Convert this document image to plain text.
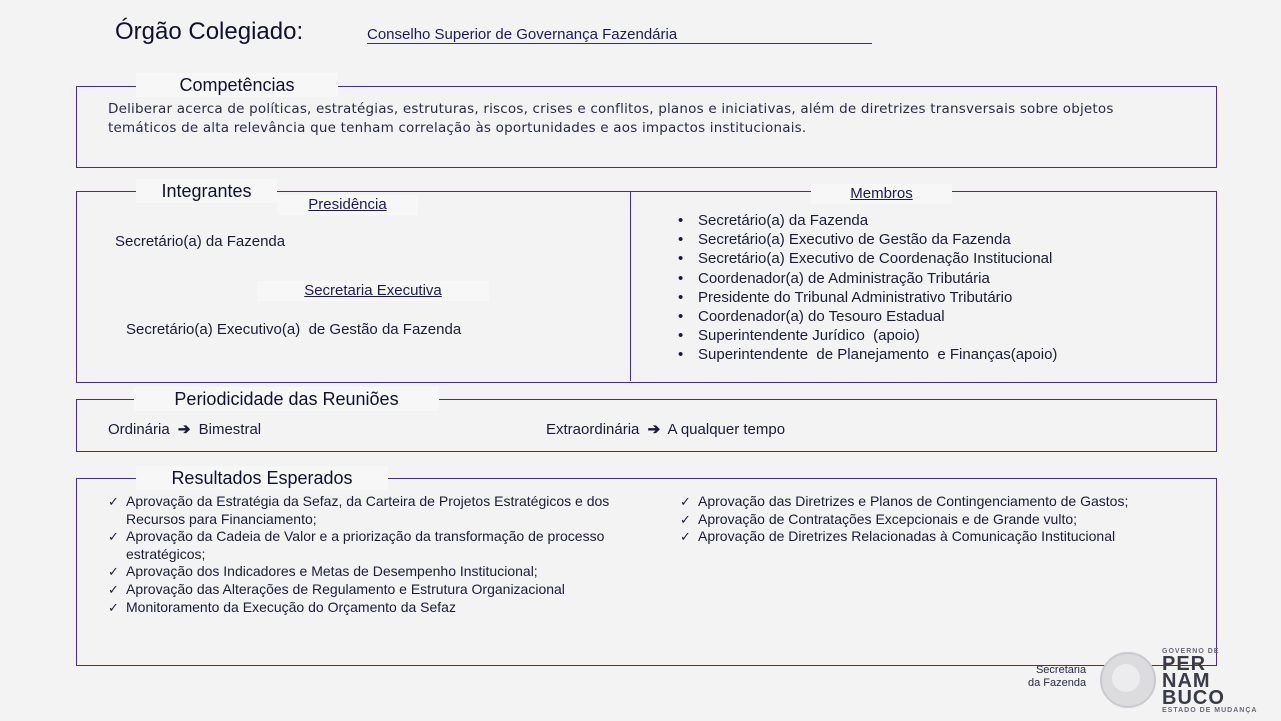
Órgão Colegiado:	Conselho Superior de Governança Fazendária
Competências
Deliberar acerca de políticas, estratégias, estruturas, riscos, crises e conflitos, planos e iniciativas, além de diretrizes transversais sobre objetos temáticos de alta relevância que tenham correlação às oportunidades e aos impactos institucionais.
Integrantes
Presidência
Secretário(a) da Fazenda
Secretaria Executiva
Secretário(a) Executivo(a)  de Gestão da Fazenda
Membros
• Secretário(a) da Fazenda
• Secretário(a) Executivo de Gestão da Fazenda
• Secretário(a) Executivo de Coordenação Institucional
• Coordenador(a) de Administração Tributária
• Presidente do Tribunal Administrativo Tributário
• Coordenador(a) do Tesouro Estadual
• Superintendente Jurídico  (apoio)
• Superintendente  de Planejamento  e Finanças(apoio)
Periodicidade das Reuniões
Ordinária ➔ Bimestral	Extraordinária ➔ A qualquer tempo
Resultados Esperados
✓ Aprovação da Estratégia da Sefaz, da Carteira de Projetos Estratégicos e dos Recursos para Financiamento;
✓ Aprovação da Cadeia de Valor e a priorização da transformação de processo estratégicos;
✓ Aprovação dos Indicadores e Metas de Desempenho Institucional;
✓ Aprovação das Alterações de Regulamento e Estrutura Organizacional
✓ Monitoramento da Execução do Orçamento da Sefaz
✓ Aprovação das Diretrizes e Planos de Contingenciamento de Gastos;
✓ Aprovação de Contratações Excepcionais e de Grande vulto;
✓ Aprovação de Diretrizes Relacionadas à Comunicação Institucional
Secretaria
da Fazenda
GOVERNO DE
PER
NAM
BUCO
ESTADO DE MUDANÇA
